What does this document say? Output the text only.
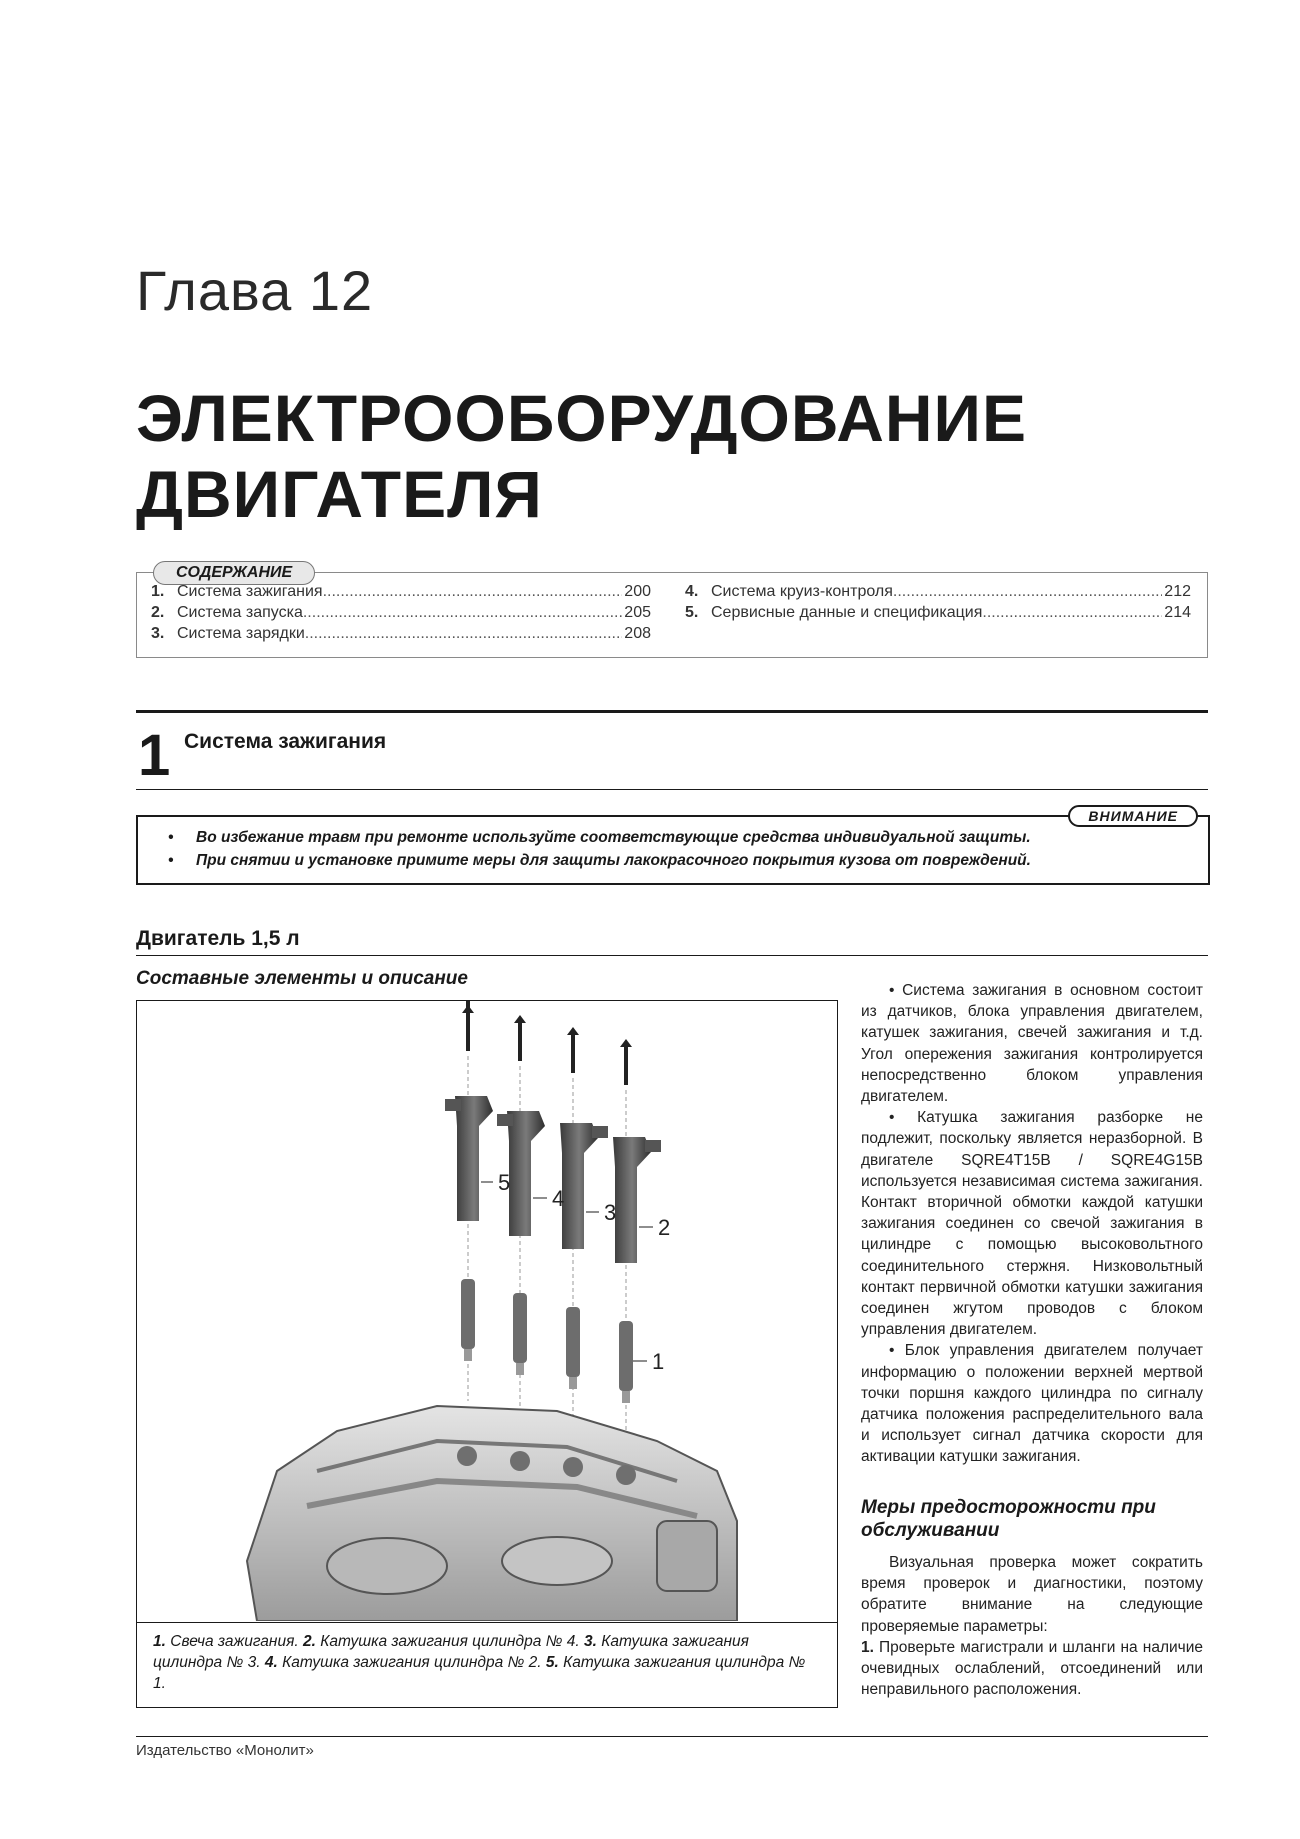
Глава 12
ЭЛЕКТРООБОРУДОВАНИЕ
ДВИГАТЕЛЯ
СОДЕРЖАНИЕ
1. Система зажигания .....	200
2. Система запуска .....	205
3. Система зарядки .....	208
4. Система круиз-контроля .....	212
5. Сервисные данные и спецификация .....	214
1 Система зажигания
ВНИМАНИЕ
• Во избежание травм при ремонте используйте соответствующие средства индивидуальной защиты.
• При снятии и установке примите меры для защиты лакокрасочного покрытия кузова от повреждений.
Двигатель 1,5 л
Составные элементы и описание
5
4
3
2
1
1. Свеча зажигания. 2. Катушка зажигания цилиндра № 4. 3. Катушка зажигания цилиндра № 3. 4. Катушка зажигания цилиндра № 2. 5. Катушка зажигания цилиндра № 1.

• Система зажигания в основном состоит из датчиков, блока управления двигателем, катушек зажигания, свечей зажигания и т.д. Угол опережения зажигания контролируется непосредственно блоком управления двигателем.

• Катушка зажигания разборке не подлежит, поскольку является неразборной. В двигателе SQRE4T15B / SQRE4G15B используется независимая система зажигания. Контакт вторичной обмотки каждой катушки зажигания соединен со свечой зажигания в цилиндре с помощью высоковольтного соединительного стержня. Низковольтный контакт первичной обмотки катушки зажигания соединен жгутом проводов с блоком управления двигателем.

• Блок управления двигателем получает информацию о положении верхней мертвой точки поршня каждого цилиндра по сигналу датчика положения распределительного вала и использует сигнал датчика скорости для активации катушки зажигания.

Меры предосторожности при обслуживании

Визуальная проверка может сократить время проверок и диагностики, поэтому обратите внимание на следующие проверяемые параметры:

1. Проверьте магистрали и шланги на наличие очевидных ослаблений, отсоединений или неправильного расположения.

Издательство «Монолит»
